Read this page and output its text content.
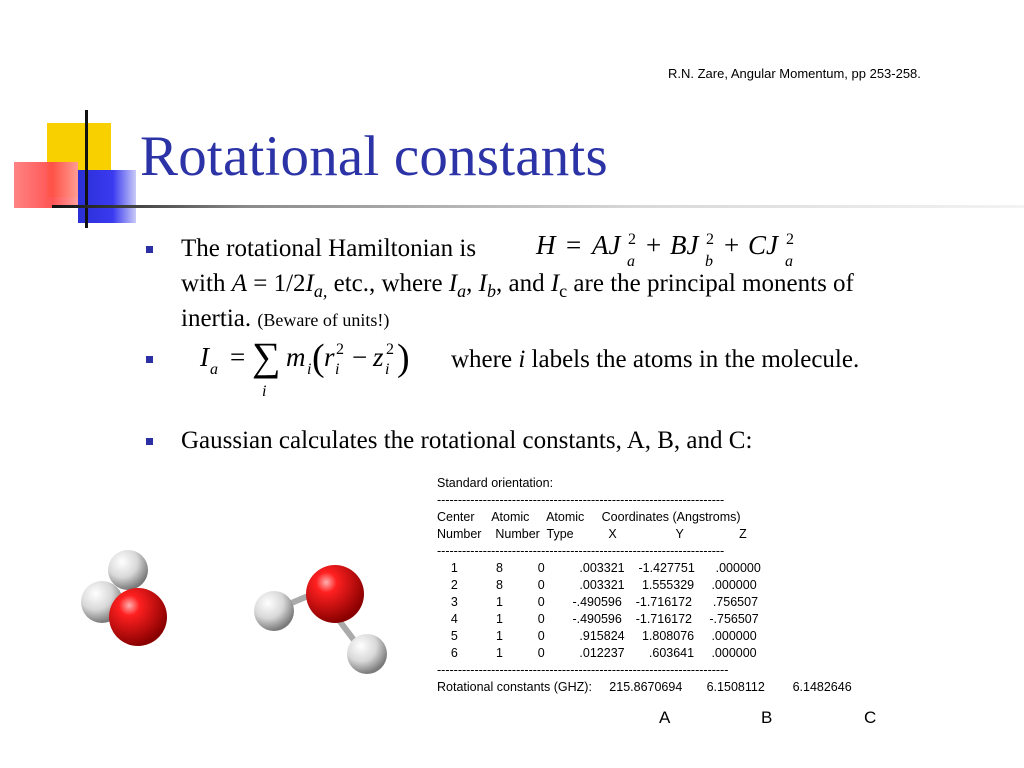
R.N. Zare, Angular Momentum, pp 253-258.
Rotational constants
The rotational Hamiltonian is H = AJ 2
a
+ BJ 2
b
+ CJ 2
a
with $A = 1/2I_{a,}$ etc., where $I_a$, $I_b$, and $I_c$ are the principal monents of
inertia. (Beware of units!)
I a = ∑
i
m i ( r 2
i − z 2
i ) where i labels the atoms in the molecule.
Gaussian calculates the rotational constants, A, B, and C:
Standard orientation:
---------------------------------------------------------------------
Center     Atomic     Atomic     Coordinates (Angstroms)
Number    Number  Type          X                 Y                Z
---------------------------------------------------------------------
1           8          0          .003321    -1.427751      .000000
2           8          0          .003321     1.555329     .000000
3           1          0        -.490596    -1.716172      .756507
4           1          0        -.490596    -1.716172     -.756507
5           1          0          .915824     1.808076     .000000
6           1          0          .012237       .603641     .000000
----------------------------------------------------------------------
Rotational constants (GHZ): 215.8670694 6.1508112 6.1482646
A	B	C
